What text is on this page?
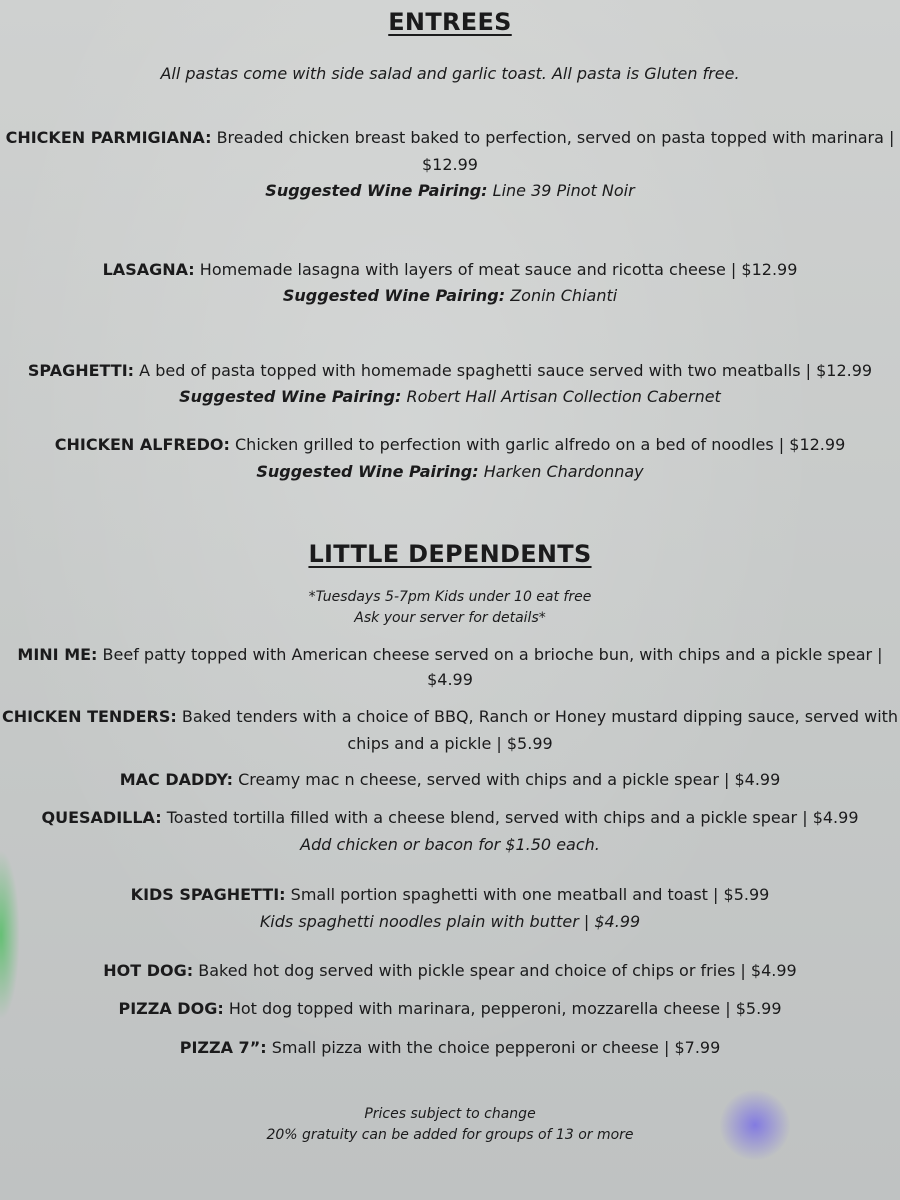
ENTREES
All pastas come with side salad and garlic toast. All pasta is Gluten free.
CHICKEN PARMIGIANA: Breaded chicken breast baked to perfection, served on pasta topped with marinara |
$12.99
Suggested Wine Pairing: Line 39 Pinot Noir
LASAGNA: Homemade lasagna with layers of meat sauce and ricotta cheese | $12.99
Suggested Wine Pairing: Zonin Chianti
SPAGHETTI: A bed of pasta topped with homemade spaghetti sauce served with two meatballs | $12.99
Suggested Wine Pairing: Robert Hall Artisan Collection Cabernet
CHICKEN ALFREDO: Chicken grilled to perfection with garlic alfredo on a bed of noodles | $12.99
Suggested Wine Pairing: Harken Chardonnay
LITTLE DEPENDENTS
*Tuesdays 5-7pm Kids under 10 eat free
Ask your server for details*
MINI ME: Beef patty topped with American cheese served on a brioche bun, with chips and a pickle spear |
$4.99
CHICKEN TENDERS: Baked tenders with a choice of BBQ, Ranch or Honey mustard dipping sauce, served with
chips and a pickle | $5.99
MAC DADDY: Creamy mac n cheese, served with chips and a pickle spear | $4.99
QUESADILLA: Toasted tortilla filled with a cheese blend, served with chips and a pickle spear | $4.99
Add chicken or bacon for $1.50 each.
KIDS SPAGHETTI: Small portion spaghetti with one meatball and toast | $5.99
Kids spaghetti noodles plain with butter | $4.99
HOT DOG: Baked hot dog served with pickle spear and choice of chips or fries | $4.99
PIZZA DOG: Hot dog topped with marinara, pepperoni, mozzarella cheese | $5.99
PIZZA 7”: Small pizza with the choice pepperoni or cheese | $7.99
Prices subject to change
20% gratuity can be added for groups of 13 or more
